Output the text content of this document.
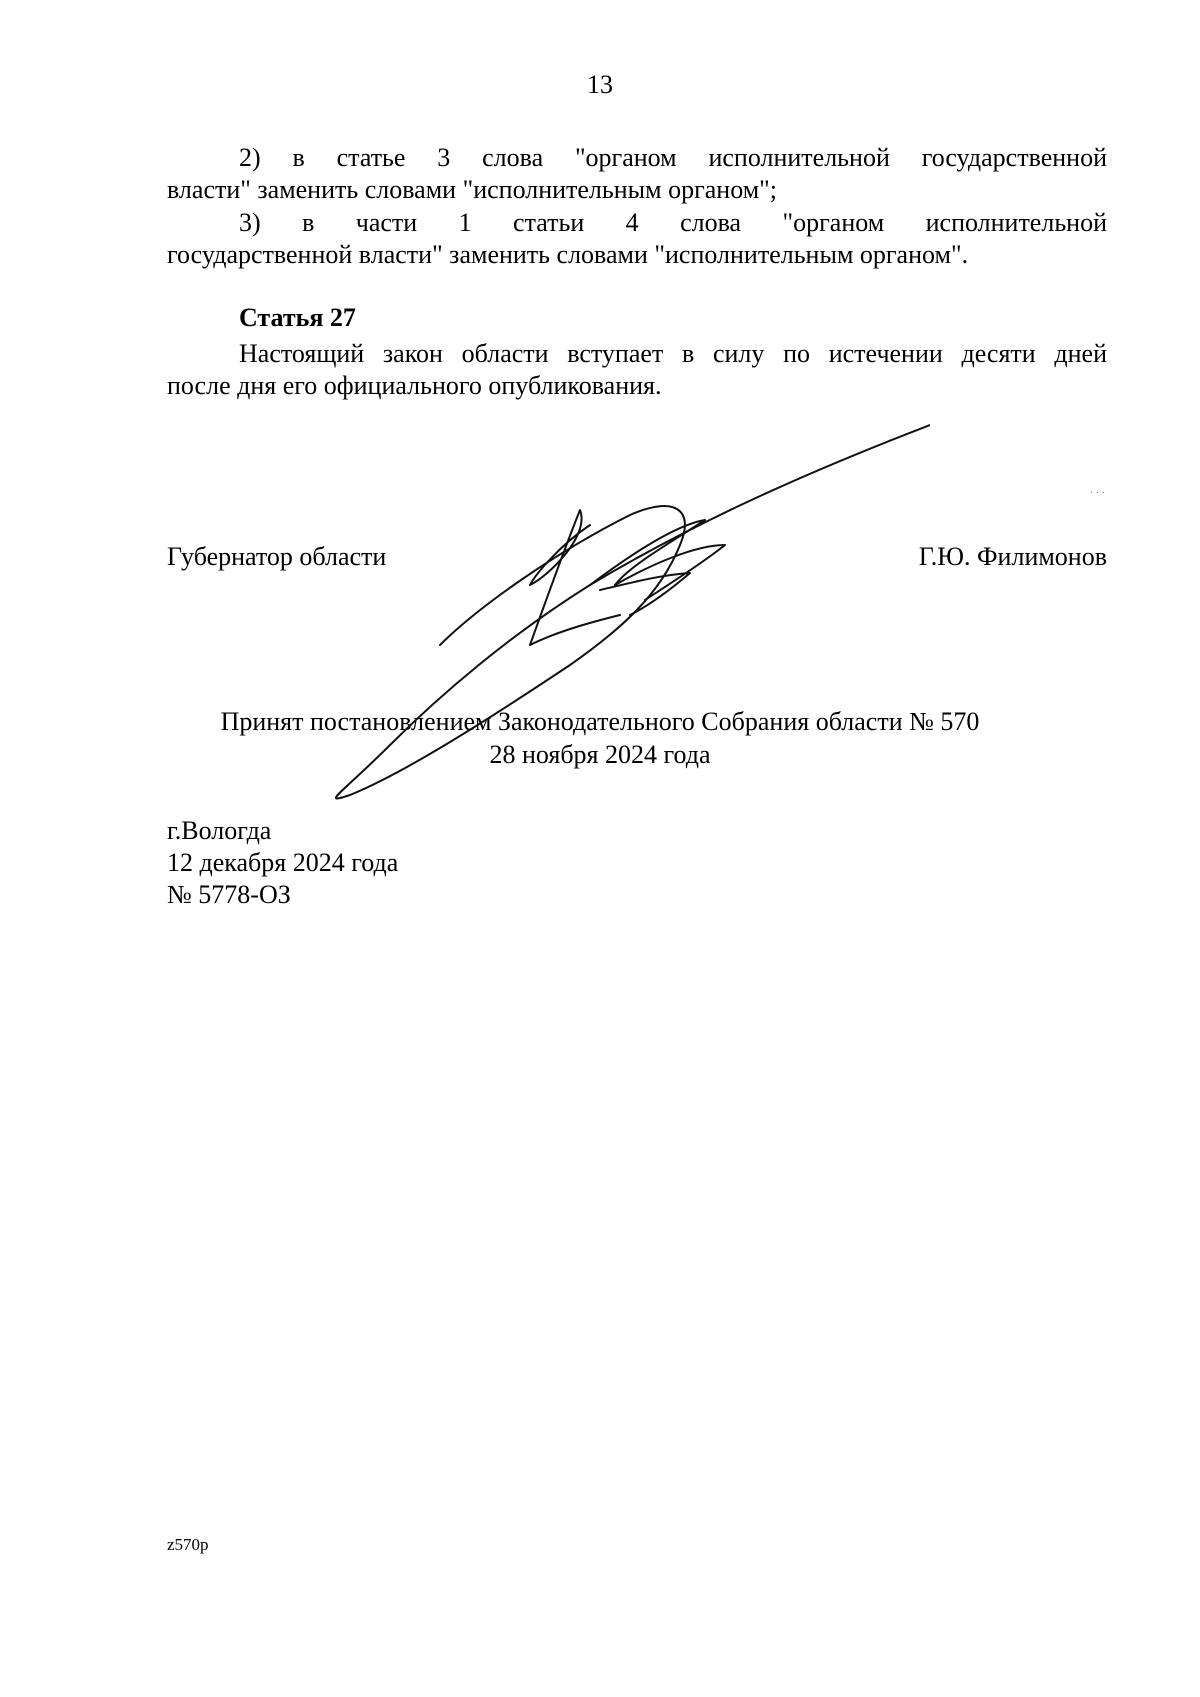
13
2) в статье 3 слова "органом исполнительной государственной
власти" заменить словами "исполнительным органом";
3) в части 1 статьи 4 слова "органом исполнительной
государственной власти" заменить словами "исполнительным органом".
Статья 27
Настоящий закон области вступает в силу по истечении десяти дней
после дня его официального опубликования.
Губернатор области	Г.Ю. Филимонов
Принят постановлением Законодательного Собрания области № 570
28 ноября 2024 года
г.Вологда
12 декабря 2024 года
№ 5778-ОЗ
z570p
· · ·
